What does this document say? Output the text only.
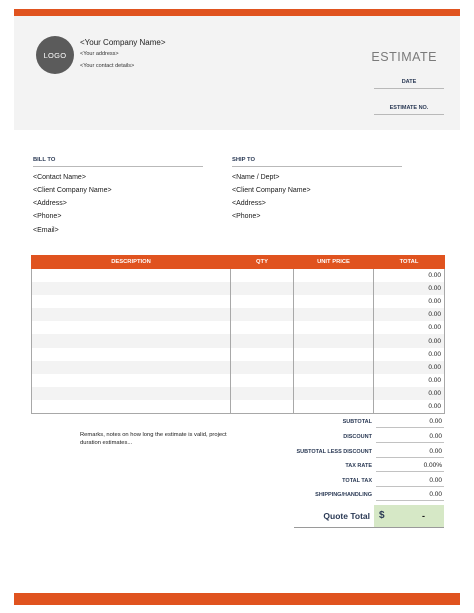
LOGO
<Your Company Name>
<Your address>
<Your contact details>
ESTIMATE
DATE
ESTIMATE NO.
BILL TO
<Contact Name>
<Client Company Name>
<Address>
<Phone>
<Email>
SHIP TO
<Name / Dept>
<Client Company Name>
<Address>
<Phone>
DESCRIPTION	QTY	UNIT PRICE	TOTAL
			0.00
			0.00
			0.00
			0.00
			0.00
			0.00
			0.00
			0.00
			0.00
			0.00
			0.00
Remarks, notes on how long the estimate is valid, project duration estimates...
SUBTOTAL	0.00
DISCOUNT	0.00
SUBTOTAL LESS DISCOUNT	0.00
TAX RATE	0.00%
TOTAL TAX	0.00
SHIPPING/HANDLING	0.00
Quote Total $	-
